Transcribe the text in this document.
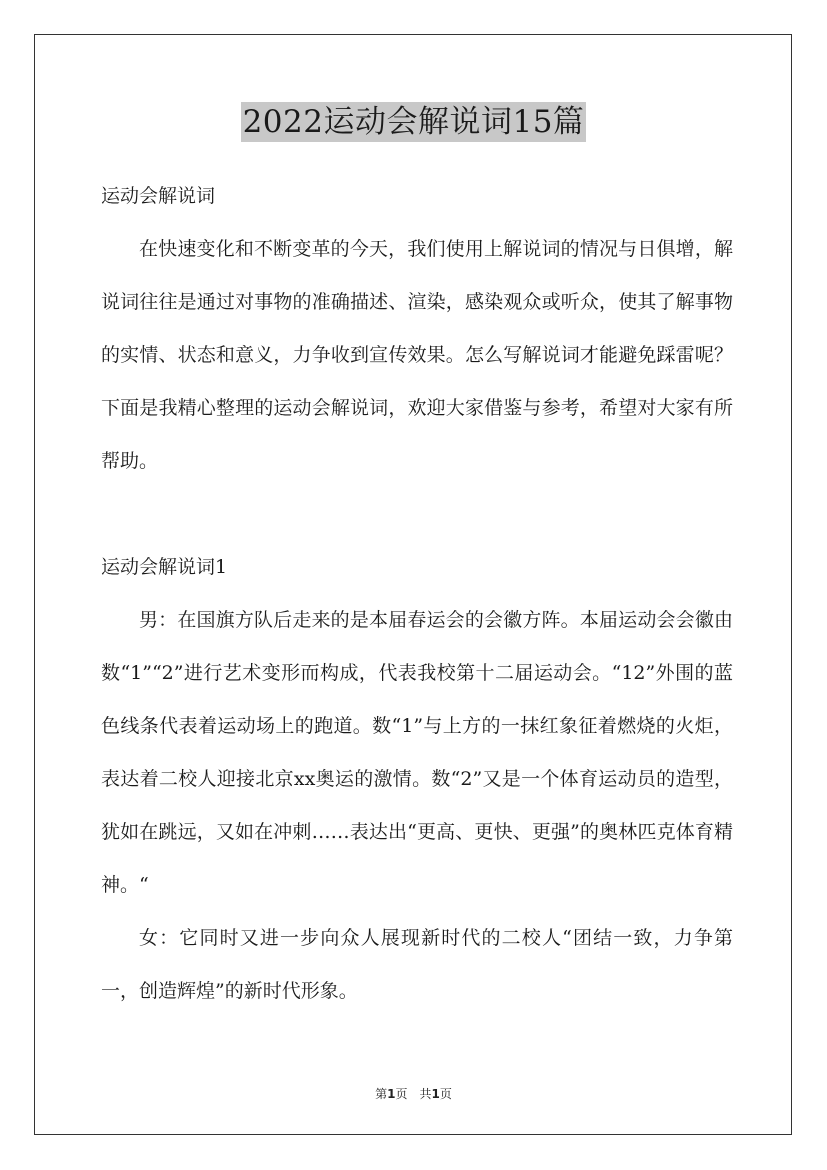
2022运动会解说词15篇

运动会解说词

在快速变化和不断变革的今天，我们使用上解说词的情况与日俱增，解说词往往是通过对事物的准确描述、渲染，感染观众或听众，使其了解事物的实情、状态和意义，力争收到宣传效果。怎么写解说词才能避免踩雷呢？下面是我精心整理的运动会解说词，欢迎大家借鉴与参考，希望对大家有所帮助。

运动会解说词1

男：在国旗方队后走来的是本届春运会的会徽方阵。本届运动会会徽由数“1”“2”进行艺术变形而构成，代表我校第十二届运动会。“12”外围的蓝色线条代表着运动场上的跑道。数“1”与上方的一抹红象征着燃烧的火炬，表达着二校人迎接北京xx奥运的激情。数“2”又是一个体育运动员的造型，犹如在跳远，又如在冲刺……表达出“更高、更快、更强”的奥林匹克体育精神。“

女：它同时又进一步向众人展现新时代的二校人“团结一致，力争第一，创造辉煌”的新时代形象。

第1页　共1页
